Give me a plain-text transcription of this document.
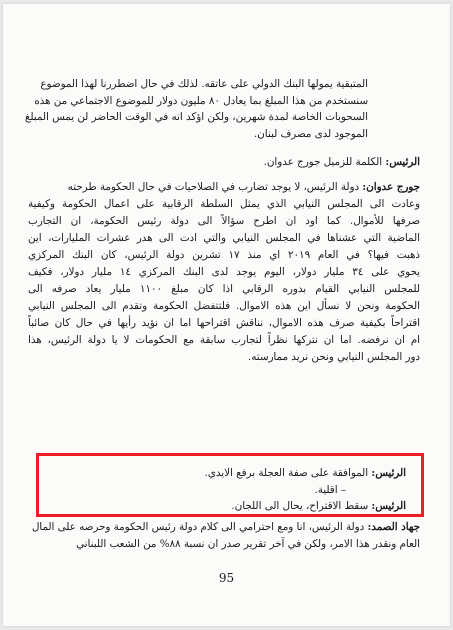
المتبقية يمولها البنك الدولي على عاتقه. لذلك في حال اضطررنا لهذا الموضوع
سنستخدم من هذا المبلغ بما يعادل ٨٠ مليون دولار للموضوع الاجتماعي من هذه
السحوبات الخاصة لمدة شهرين، ولكن اؤكد انه في الوقت الحاضر لن يمس المبلغ
الموجود لدى مصرف لبنان.
الرئيس: الكلمة للزميل جورج عدوان.
جورج عدوان: دولة الرئيس، لا يوجد تضارب في الصلاحيات في حال الحكومة طرحته
وعادت الى المجلس النيابي الذي يمثل السلطة الرقابية على اعمال الحكومة وكيفية
صرفها للأموال. كما اود ان اطرح سؤالاً الى دولة رئيس الحكومة، ان التجارب
الماضية التي عشناها في المجلس النيابي والتي ادت الى هدر عشرات المليارات، اين
ذهبت فيها؟ في العام ٢٠١٩ اي منذ ١٧ تشرين دولة الرئيس، كان البنك المركزي
يحوي على ٣٤ مليار دولار، اليوم يوجد لدى البنك المركزي ١٤ مليار دولار، فكيف
للمجلس النيابي القيام بدوره الرقابي اذا كان مبلغ ١١٠٠ مليار يعاد صرفه الى
الحكومة ونحن لا نسأل اين هذه الاموال. فلتتفضل الحكومة وتقدم الى المجلس النيابي
اقتراحاً بكيفية صرف هذه الاموال، نناقش اقتراحها اما ان نؤيد رأيها في حال كان صائباً
ام ان نرفضه. اما ان نتركها نظراً لتجارب سابقة مع الحكومات لا يا دولة الرئيس، هذا
دور المجلس النيابي ونحن نريد ممارسته.
الرئيس: الموافقة على صفة العجلة برفع الايدي.
– اقلية.
الرئيس: سقط الاقتراح، يحال الى اللجان.
جهاد الصمد: دولة الرئيس، انا ومع احترامي الى كلام دولة رئيس الحكومة وحرصه على المال
العام ونقدر هذا الامر، ولكن في آخر تقرير صدر ان نسبة ٨٨% من الشعب اللبناني
95
